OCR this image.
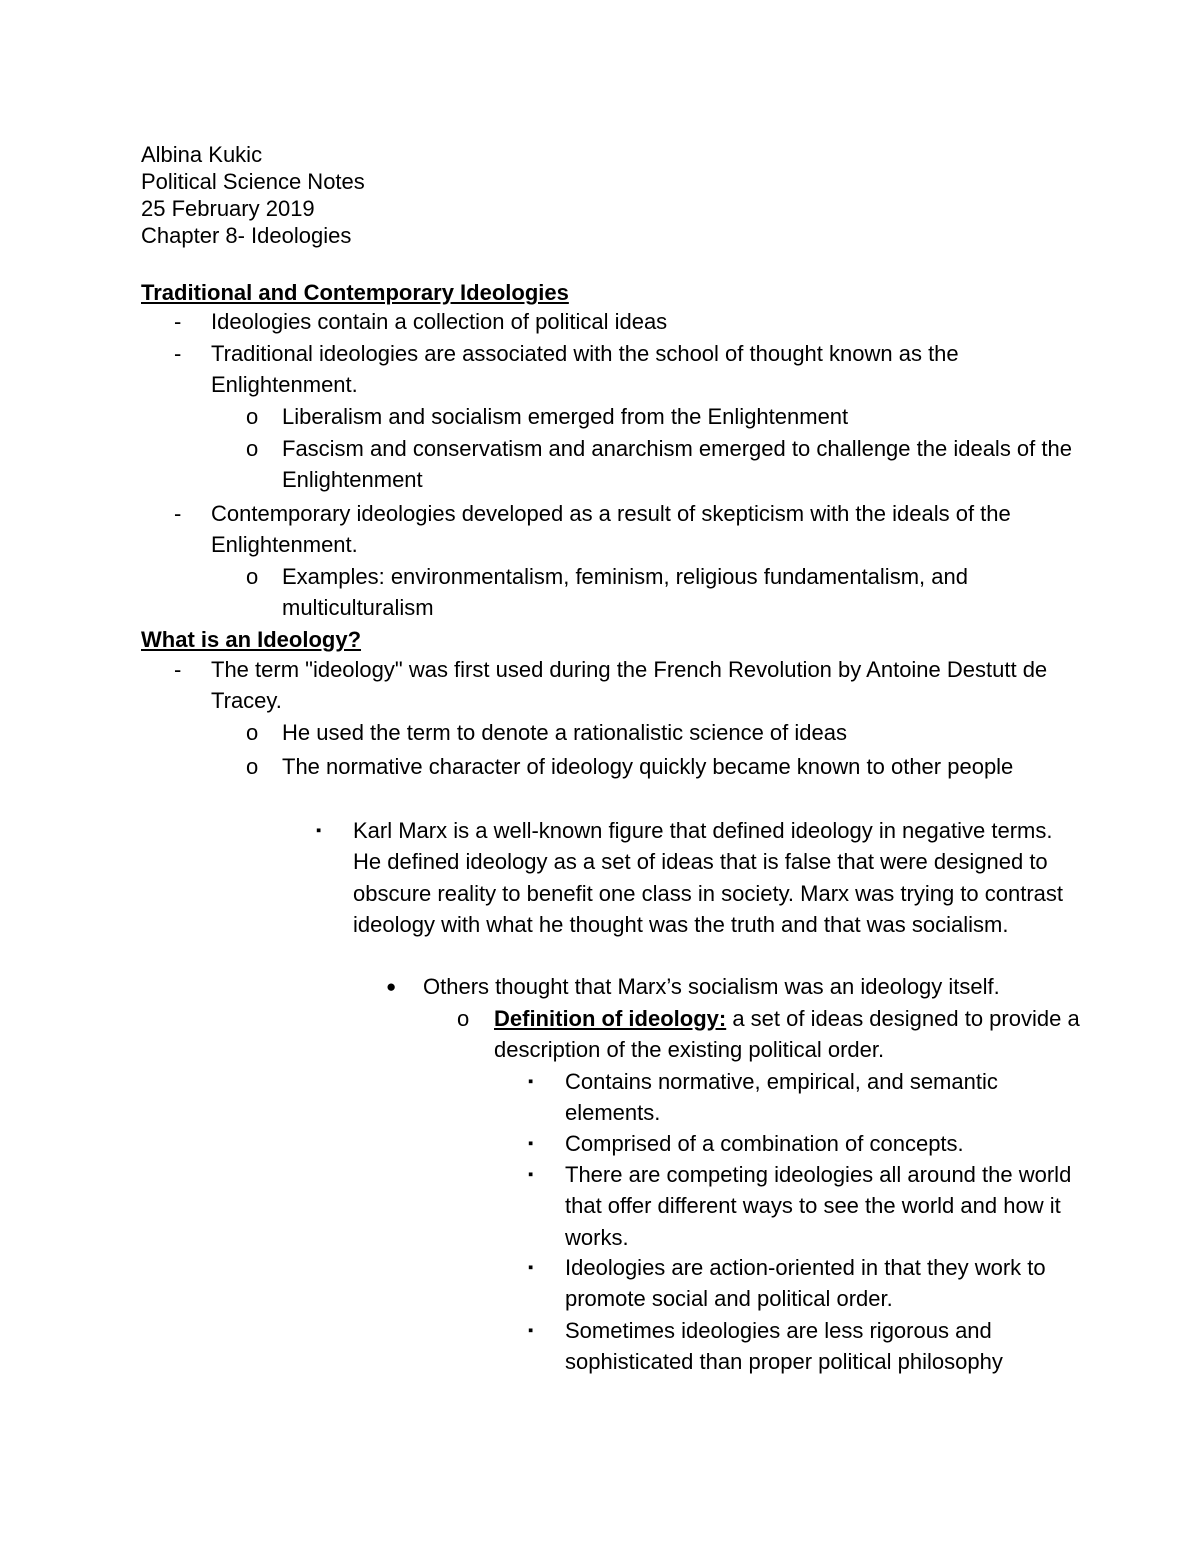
Albina Kukic
Political Science Notes
25 February 2019
Chapter 8- Ideologies
Traditional and Contemporary Ideologies
- Ideologies contain a collection of political ideas
- Traditional ideologies are associated with the school of thought known as the Enlightenment.
o Liberalism and socialism emerged from the Enlightenment
o Fascism and conservatism and anarchism emerged to challenge the ideals of the Enlightenment
- Contemporary ideologies developed as a result of skepticism with the ideals of the Enlightenment.
o Examples: environmentalism, feminism, religious fundamentalism, and multiculturalism
What is an Ideology?
- The term "ideology" was first used during the French Revolution by Antoine Destutt de Tracey.
o He used the term to denote a rationalistic science of ideas
o The normative character of ideology quickly became known to other people
▪ Karl Marx is a well-known figure that defined ideology in negative terms. He defined ideology as a set of ideas that is false that were designed to obscure reality to benefit one class in society. Marx was trying to contrast ideology with what he thought was the truth and that was socialism.
● Others thought that Marx’s socialism was an ideology itself.
o Definition of ideology: a set of ideas designed to provide a description of the existing political order.
▪ Contains normative, empirical, and semantic elements.
▪ Comprised of a combination of concepts.
▪ There are competing ideologies all around the world that offer different ways to see the world and how it works.
▪ Ideologies are action-oriented in that they work to promote social and political order.
▪ Sometimes ideologies are less rigorous and sophisticated than proper political philosophy
